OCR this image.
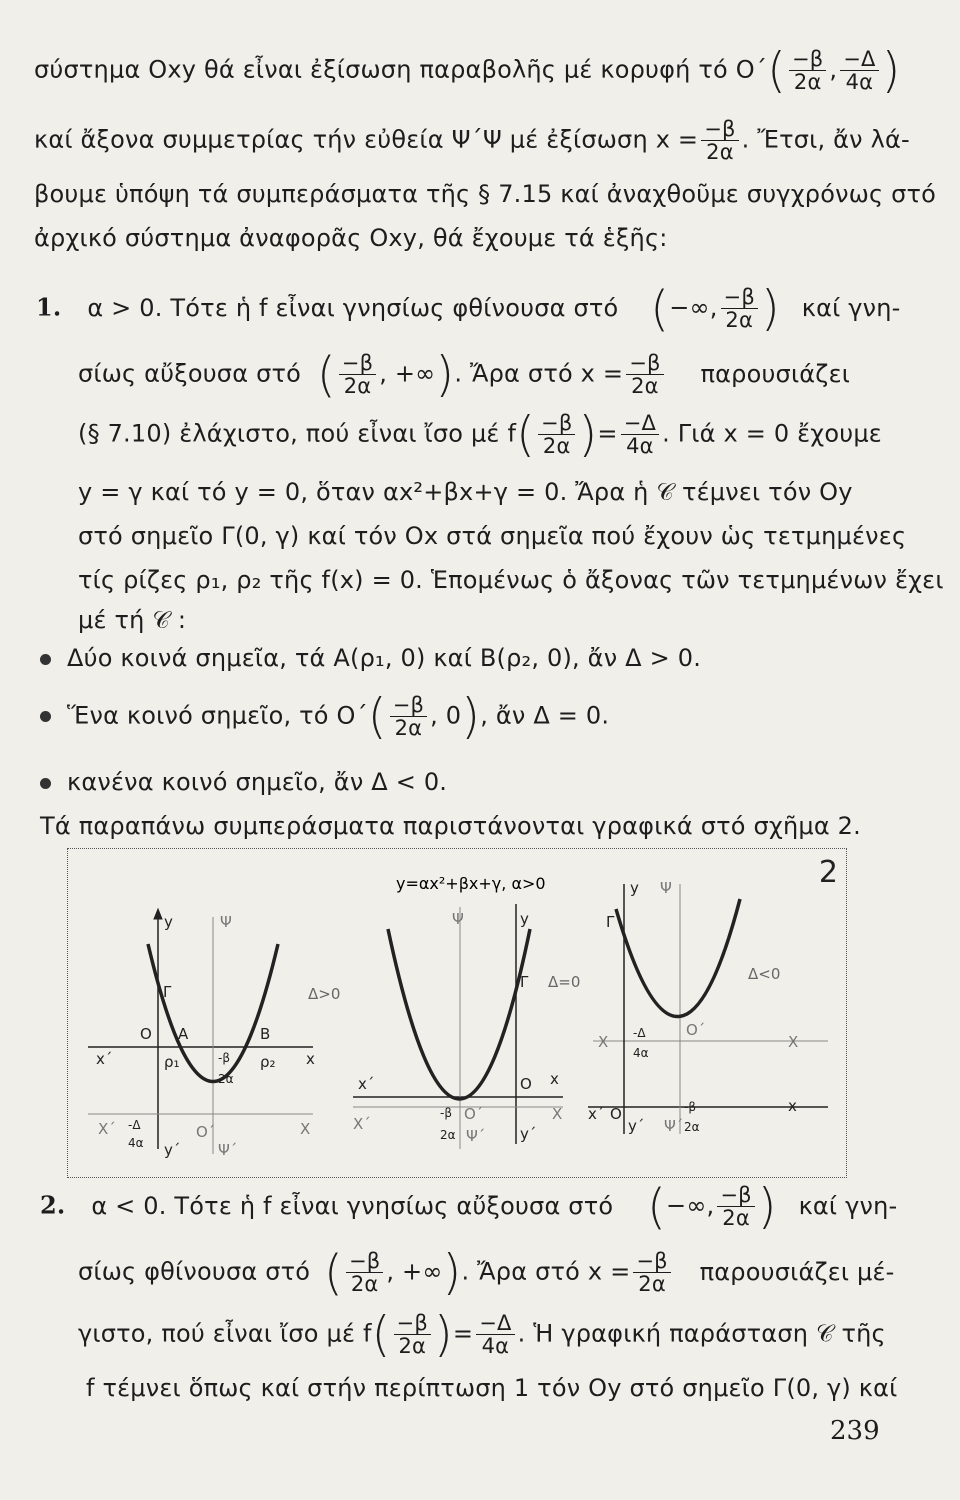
σύστημα Οxy θά εἶναι ἐξίσωση παραβολῆς μέ κορυφή τό $O΄( \frac{-\beta}{2\alpha}$ , $\frac{-\Delta}{4\alpha}$ )
καί ἄξονα συμμετρίας τήν εὐθεία Ψ΄Ψ μέ ἐξίσωση $x = \frac{-\beta}{2\alpha}$ . Ἔτσι, ἄν λά-
βουμε ὑπόψη τά συμπεράσματα τῆς § 7.15 καί ἀναχθοῦμε συγχρόνως στό
ἀρχικό σύστημα ἀναφορᾶς Oxy, θά ἔχουμε τά ἑξῆς:
1. α > 0. Τότε ἡ f εἶναι γνησίως φθίνουσα στό (−∞, $\frac{-\beta}{2\alpha}$ ) καί γνη-
σίως αὔξουσα στό ( $\frac{-\beta}{2\alpha}$ , +∞). Ἄρα στό $x = \frac{-\beta}{2\alpha}$ παρουσιάζει
(§ 7.10) ἐλάχιστο, πού εἶναι ἴσο μέ $f( \frac{-\beta}{2\alpha}$ )= $\frac{-\Delta}{4\alpha}$ . Γιά x = 0 ἔχουμε
y = γ καί τό y = 0, ὅταν αx²+βx+γ = 0. Ἄρα ἡ 𝒞 τέμνει τόν Oy
στό σημεῖο Γ(0, γ) καί τόν Ox στά σημεῖα πού ἔχουν ὡς τετμημένες
τίς ρίζες ρ₁, ρ₂ τῆς f(x) = 0. Ἑπομένως ὁ ἄξονας τῶν τετμημένων ἔχει
μέ τή 𝒞 :
Δύο κοινά σημεῖα, τά Α(ρ₁, 0) καί Β(ρ₂, 0), ἄν Δ > 0.
Ἕνα κοινό σημεῖο, τό $O΄( \frac{-\beta}{2\alpha}$ , 0), ἄν Δ = 0.
κανένα κοινό σημεῖο, ἄν Δ < 0.
Τά παραπάνω συμπεράσματα παριστάνονται γραφικά στό σχῆμα 2.
2
y=αx²+βx+γ, α>0
y	Ψ
Γ
O A	B
x΄	x
ρ₁	ρ₂
-β
2α
Δ>0
X΄ -Δ
4α
O΄	X
y΄	Ψ΄
Ψ	y
Γ Δ=0
x΄	O x
X΄
-β
2α
O΄
Ψ΄
X
y΄
y Ψ
Γ
Δ<0
X -Δ
4α
O΄
X
x΄ O	-β
2α
x
y΄ Ψ΄
2. α < 0. Τότε ἡ f εἶναι γνησίως αὔξουσα στό (−∞, $\frac{-\beta}{2\alpha}$ ) καί γνη-
σίως φθίνουσα στό ( $\frac{-\beta}{2\alpha}$ , +∞). Ἄρα στό $x = \frac{-\beta}{2\alpha}$ παρουσιάζει μέ-
γιστο, πού εἶναι ἴσο μέ $f( \frac{-\beta}{2\alpha}$ )= $\frac{-\Delta}{4\alpha}$ . Ἡ γραφική παράσταση 𝒞 τῆς
f τέμνει ὅπως καί στήν περίπτωση 1 τόν Oy στό σημεῖο Γ(0, γ) καί
239
